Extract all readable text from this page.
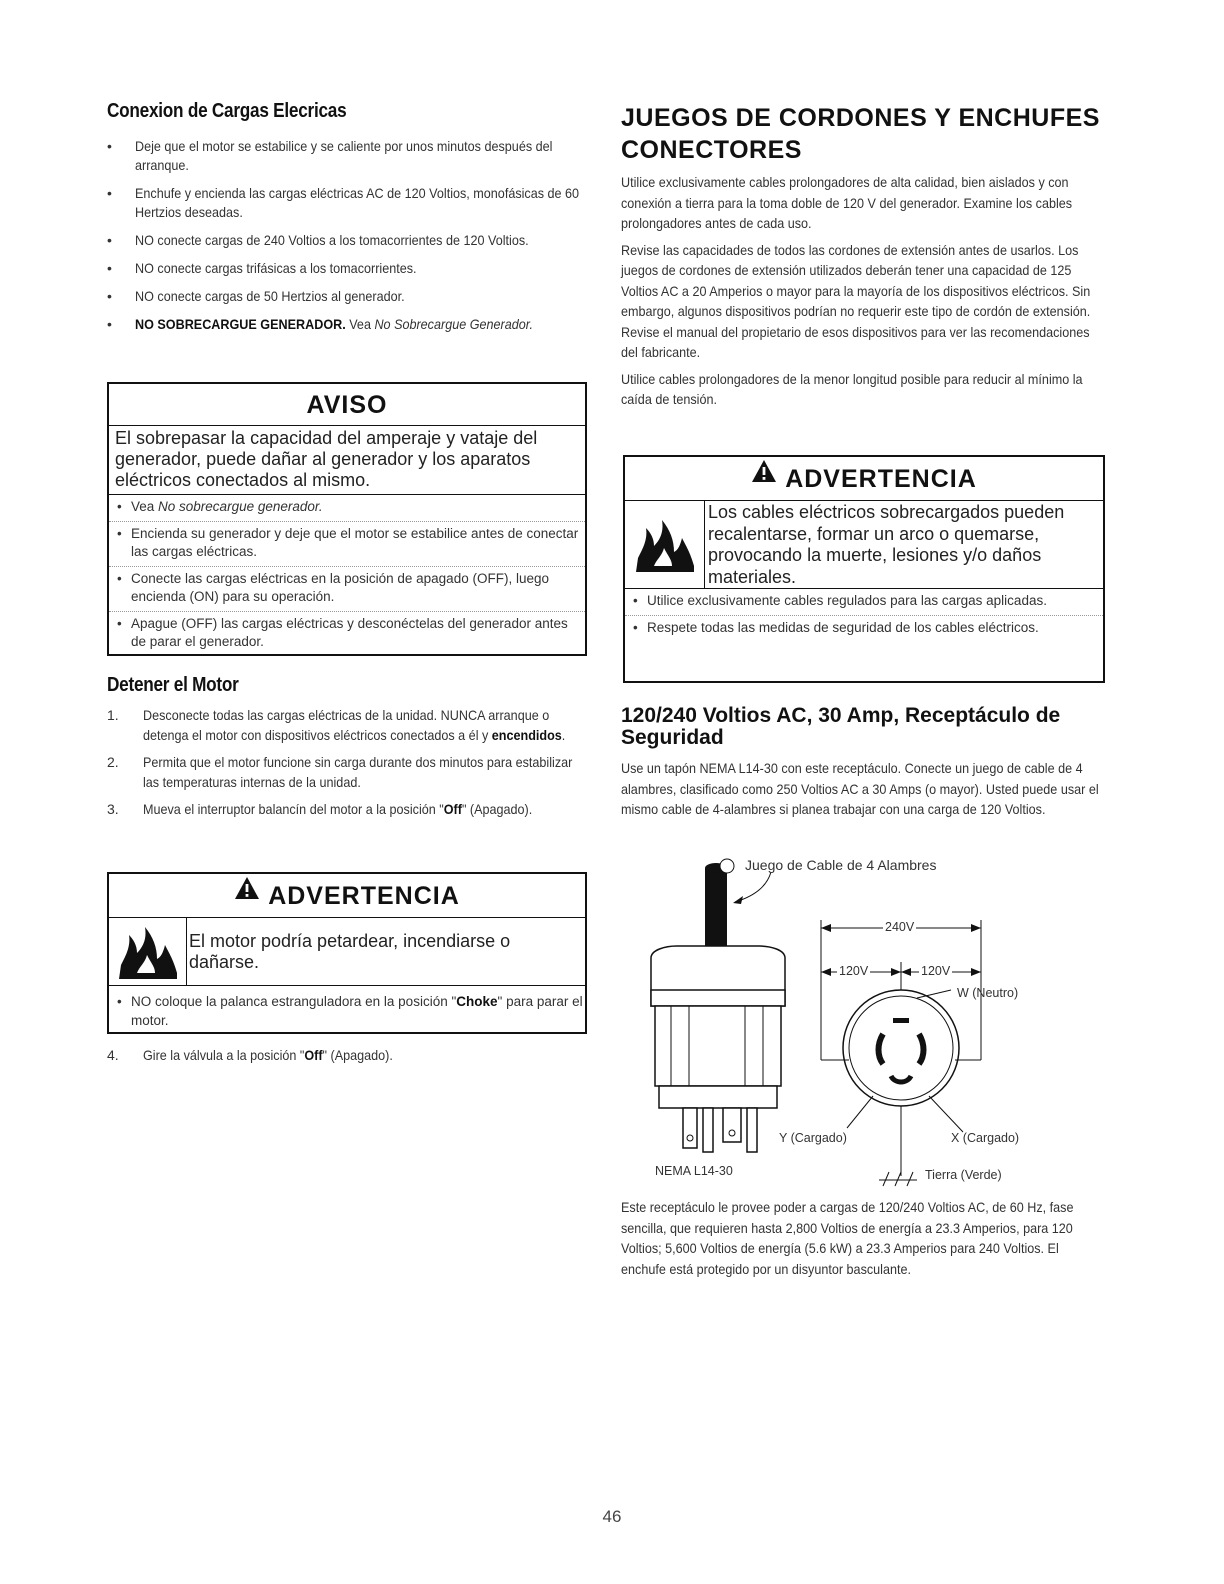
Conexion de Cargas Elecricas
• Deje que el motor se estabilice y se caliente por unos minutos después del arranque.
• Enchufe y encienda las cargas eléctricas AC de 120 Voltios, monofásicas de 60 Hertzios deseadas.
• NO conecte cargas de 240 Voltios a los tomacorrientes de 120 Voltios.
• NO conecte cargas trifásicas a los tomacorrientes.
• NO conecte cargas de 50 Hertzios al generador.
• NO SOBRECARGUE GENERADOR. Vea No Sobrecargue Generador.
AVISO
El sobrepasar la capacidad del amperaje y vataje del generador, puede dañar al generador y los aparatos eléctricos conectados al mismo.
• Vea No sobrecargue generador.
• Encienda su generador y deje que el motor se estabilice antes de conectar las cargas eléctricas.
• Conecte las cargas eléctricas en la posición de apagado (OFF), luego encienda (ON) para su operación.
• Apague (OFF) las cargas eléctricas y desconéctelas del generador antes de parar el generador.
Detener el Motor
1. Desconecte todas las cargas eléctricas de la unidad. NUNCA arranque o detenga el motor con dispositivos eléctricos conectados a él y encendidos.
2. Permita que el motor funcione sin carga durante dos minutos para estabilizar las temperaturas internas de la unidad.
3. Mueva el interruptor balancín del motor a la posición "Off" (Apagado).
ADVERTENCIA
El motor podría petardear, incendiarse o dañarse.
• NO coloque la palanca estranguladora en la posición "Choke" para parar el motor.
4. Gire la válvula a la posición "Off" (Apagado).
JUEGOS DE CORDONES Y ENCHUFES CONECTORES

Utilice exclusivamente cables prolongadores de alta calidad, bien aislados y con conexión a tierra para la toma doble de 120 V del generador. Examine los cables prolongadores antes de cada uso.

Revise las capacidades de todos las cordones de extensión antes de usarlos. Los juegos de cordones de extensión utilizados deberán tener una capacidad de 125 Voltios AC a 20 Amperios o mayor para la mayoría de los dispositivos eléctricos. Sin embargo, algunos dispositivos podrían no requerir este tipo de cordón de extensión. Revise el manual del propietario de esos dispositivos para ver las recomendaciones del fabricante.

Utilice cables prolongadores de la menor longitud posible para reducir al mínimo la caída de tensión.

ADVERTENCIA
Los cables eléctricos sobrecargados pueden recalentarse, formar un arco o quemarse, provocando la muerte, lesiones y/o daños materiales.
• Utilice exclusivamente cables regulados para las cargas aplicadas.
• Respete todas las medidas de seguridad de los cables eléctricos.
120/240 Voltios AC, 30 Amp, Receptáculo de Seguridad
Use un tapón NEMA L14-30 con este receptáculo. Conecte un juego de cable de 4 alambres, clasificado como 250 Voltios AC a 30 Amps (o mayor). Usted puede usar el mismo cable de 4-alambres si planea trabajar con una carga de 120 Voltios.
Juego de Cable de 4 Alambres
240V
120V	120V
W (Neutro)
Y (Cargado)	X (Cargado)
NEMA L14-30	Tierra (Verde)
Este receptáculo le provee poder a cargas de 120/240 Voltios AC, de 60 Hz, fase sencilla, que requieren hasta 2,800 Voltios de energía a 23.3 Amperios, para 120 Voltios; 5,600 Voltios de energía (5.6 kW) a 23.3 Amperios para 240 Voltios. El enchufe está protegido por un disyuntor basculante.
46
